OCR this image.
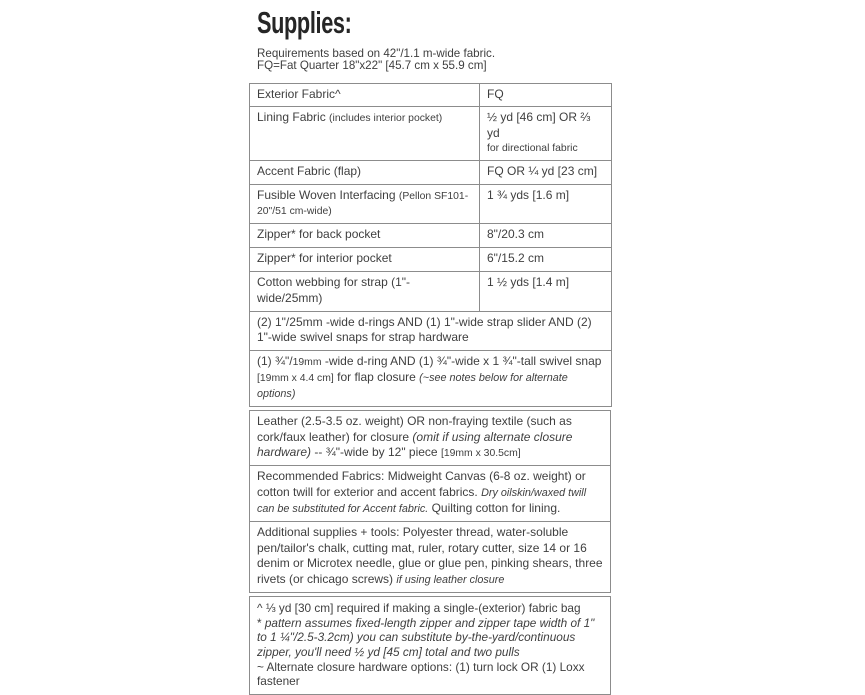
Supplies:

Requirements based on 42"/1.1 m-wide fabric.

FQ=Fat Quarter 18"x22" [45.7 cm x 55.9 cm]

Exterior Fabric^	FQ
Lining Fabric (includes interior pocket)	½ yd [46 cm] OR ⅔ yd
for directional fabric

Accent Fabric (flap)	FQ OR ¼ yd [23 cm]
Fusible Woven Interfacing (Pellon SF101-20"/51 cm-wide)	1 ¾ yds [1.6 m]
Zipper* for back pocket	8"/20.3 cm
Zipper* for interior pocket	6"/15.2 cm
Cotton webbing for strap (1"-wide/25mm)	1 ½ yds [1.4 m]
(2) 1"/25mm -wide d-rings AND (1) 1"-wide strap slider AND (2) 1"-wide swivel snaps for strap hardware	
(1) ¾"/19mm -wide d-ring AND (1) ¾"-wide x 1 ¾"-tall swivel snap [19mm x 4.4 cm] for flap closure (~see notes below for alternate options)	
Leather (2.5-3.5 oz. weight) OR non-fraying textile (such as cork/faux leather) for closure (omit if using alternate closure hardware) -- ¾"-wide by 12" piece [19mm x 30.5cm]
Recommended Fabrics: Midweight Canvas (6-8 oz. weight) or cotton twill for exterior and accent fabrics. Dry oilskin/waxed twill can be substituted for Accent fabric. Quilting cotton for lining.
Additional supplies + tools: Polyester thread, water-soluble pen/tailor's chalk, cutting mat, ruler, rotary cutter, size 14 or 16 denim or Microtex needle, glue or glue pen, pinking shears, three rivets (or chicago screws) if using leather closure
^ ⅓ yd [30 cm] required if making a single-(exterior) fabric bag
* pattern assumes fixed-length zipper and zipper tape width of 1" to 1 ¼"/2.5-3.2cm) you can substitute by-the-yard/continuous zipper, you'll need ½ yd [45 cm] total and two pulls
~ Alternate closure hardware options: (1) turn lock OR (1) Loxx fastener
